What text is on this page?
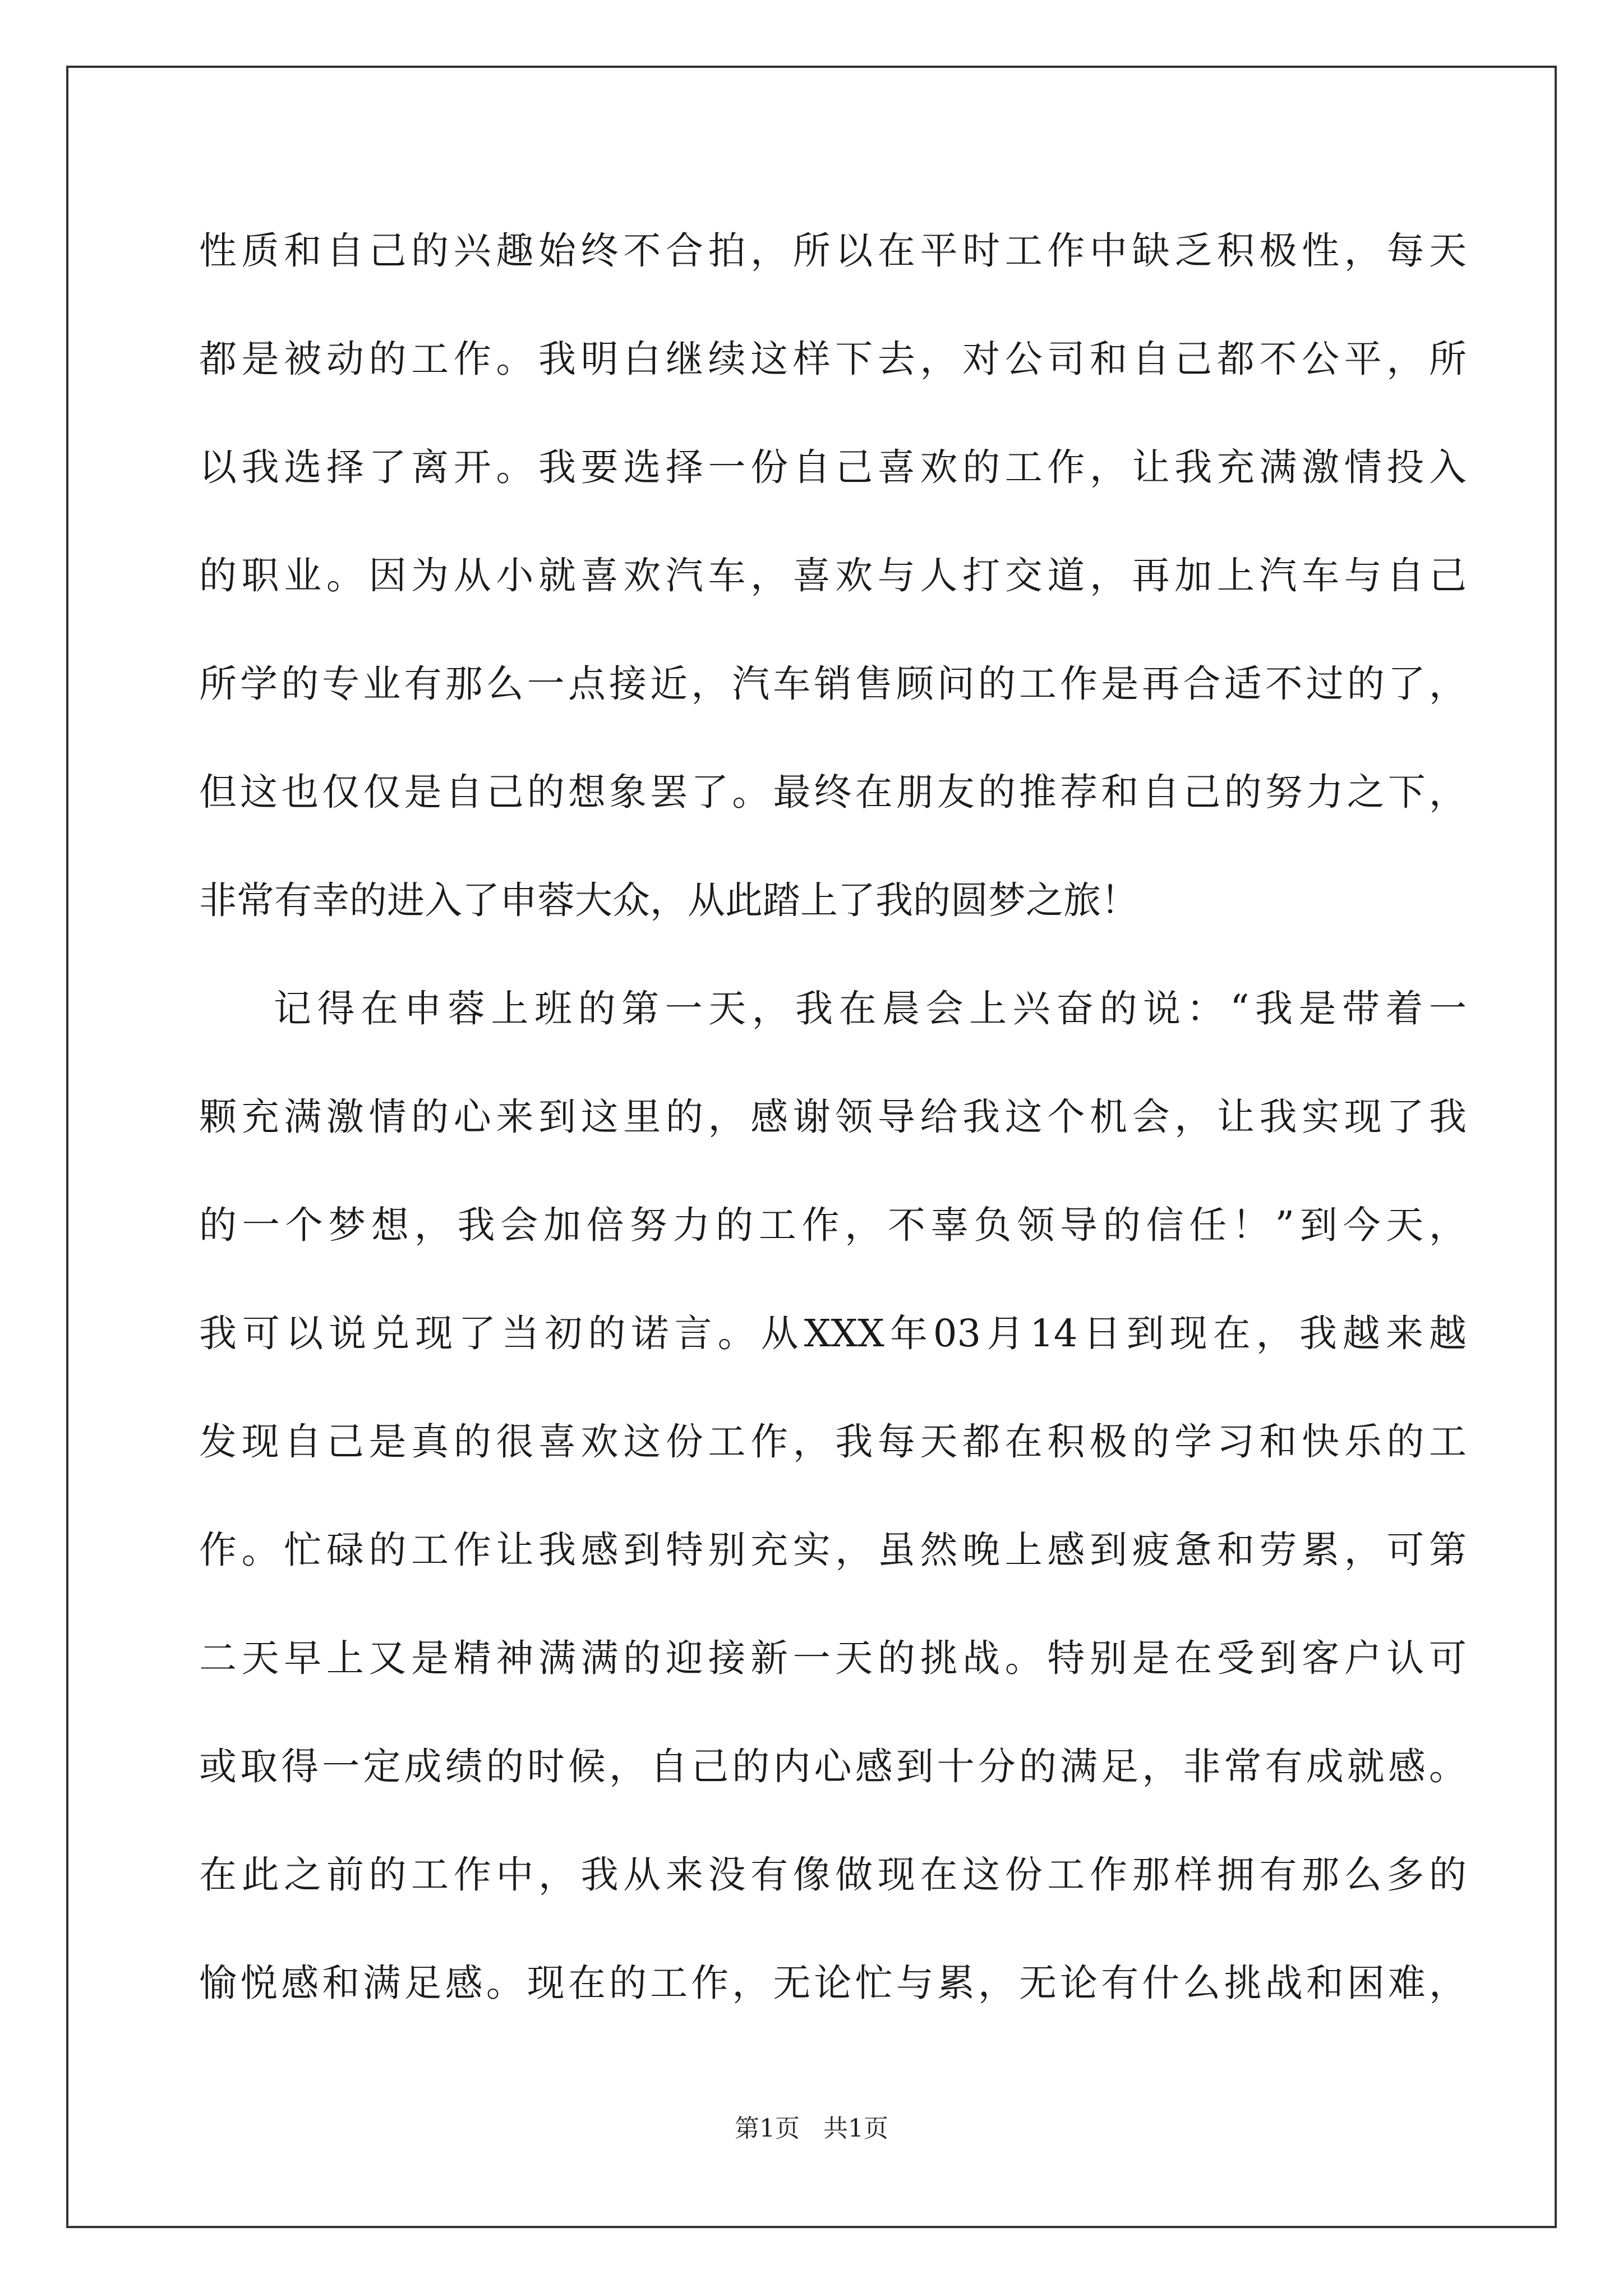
性质和自己的兴趣始终不合拍，所以在平时工作中缺乏积极性，每天
都是被动的工作。我明白继续这样下去，对公司和自己都不公平，所
以我选择了离开。我要选择一份自己喜欢的工作，让我充满激情投入
的职业。因为从小就喜欢汽车，喜欢与人打交道，再加上汽车与自己
所学的专业有那么一点接近，汽车销售顾问的工作是再合适不过的了，
但这也仅仅是自己的想象罢了。最终在朋友的推荐和自己的努力之下，
非常有幸的进入了申蓉大众，从此踏上了我的圆梦之旅！
记得在申蓉上班的第一天，我在晨会上兴奋的说：“我是带着一
颗充满激情的心来到这里的，感谢领导给我这个机会，让我实现了我
的一个梦想，我会加倍努力的工作，不辜负领导的信任！”到今天，
我可以说兑现了当初的诺言。从XXX年03月14日到现在，我越来越
发现自己是真的很喜欢这份工作，我每天都在积极的学习和快乐的工
作。忙碌的工作让我感到特别充实，虽然晚上感到疲惫和劳累，可第
二天早上又是精神满满的迎接新一天的挑战。特别是在受到客户认可
或取得一定成绩的时候，自己的内心感到十分的满足，非常有成就感。
在此之前的工作中，我从来没有像做现在这份工作那样拥有那么多的
愉悦感和满足感。现在的工作，无论忙与累，无论有什么挑战和困难，
第1页   共1页
